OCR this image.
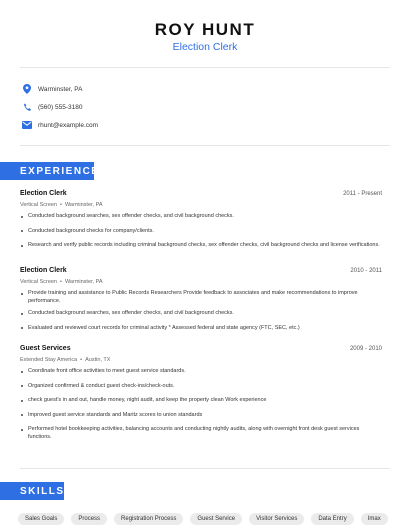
ROY HUNT
Election Clerk
Warminster, PA
(560) 555-3180
rhunt@example.com
EXPERIENCE
Election Clerk	2011 - Present
Vertical Screen • Warminster, PA
Conducted background searches, sex offender checks, and civil background checks.
Conducted background checks for company/clients.
Research and verify public records including criminal background checks, sex offender checks, civil background checks and license verifications.
Election Clerk	2010 - 2011
Vertical Screen • Warminster, PA
Provide training and assistance to Public Records Researchers Provide feedback to associates and make recommendations to improve performance.
Conducted background searches, sex offender checks, and civil background checks.
Evaluated and reviewed court records for criminal activity * Assessed federal and state agency (FTC, SEC, etc.)
Guest Services	2009 - 2010
Extended Stay America • Austin, TX
Coordinate front office activities to meet guest service standards.
Organized confirmed & conduct guest check-ins/check-outs.
check guest's in and out, handle money, night audit, and keep the property clean Work experience
Improved guest service standards and Maritz scores to union standards
Performed hotel bookkeeping activities, balancing accounts and conducting nightly audits, along with overnight front desk guest services functions.
SKILLS
Sales Goals	Process	Registration Process	Guest Service	Visitor Services	Data Entry	Imax
